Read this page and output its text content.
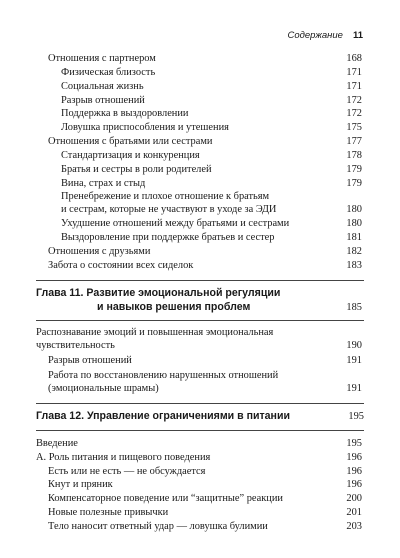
Содержание 11
Отношения с партнером	168
Физическая близость	171
Социальная жизнь	171
Разрыв отношений	172
Поддержка в выздоровлении	172
Ловушка приспособления и утешения	175
Отношения с братьями или сестрами	177
Стандартизация и конкуренция	178
Братья и сестры в роли родителей	179
Вина, страх и стыд	179
Пренебрежение и плохое отношение к братьям
и сестрам, которые не участвуют в уходе за ЭДИ	180
Ухудшение отношений между братьями и сестрами	180
Выздоровление при поддержке братьев и сестер	181
Отношения с друзьями	182
Забота о состоянии всех сиделок	183
Глава 11. Развитие эмоциональной регуляции
и навыков решения проблем	185
Распознавание эмоций и повышенная эмоциональная
чувствительность	190
Разрыв отношений	191
Работа по восстановлению нарушенных отношений
(эмоциональные шрамы)	191
Глава 12. Управление ограничениями в питании	195
Введение	195
А. Роль питания и пищевого поведения	196
Есть или не есть — не обсуждается	196
Кнут и пряник	196
Компенсаторное поведение или “защитные” реакции	200
Новые полезные привычки	201
Тело наносит ответный удар — ловушка булимии	203
